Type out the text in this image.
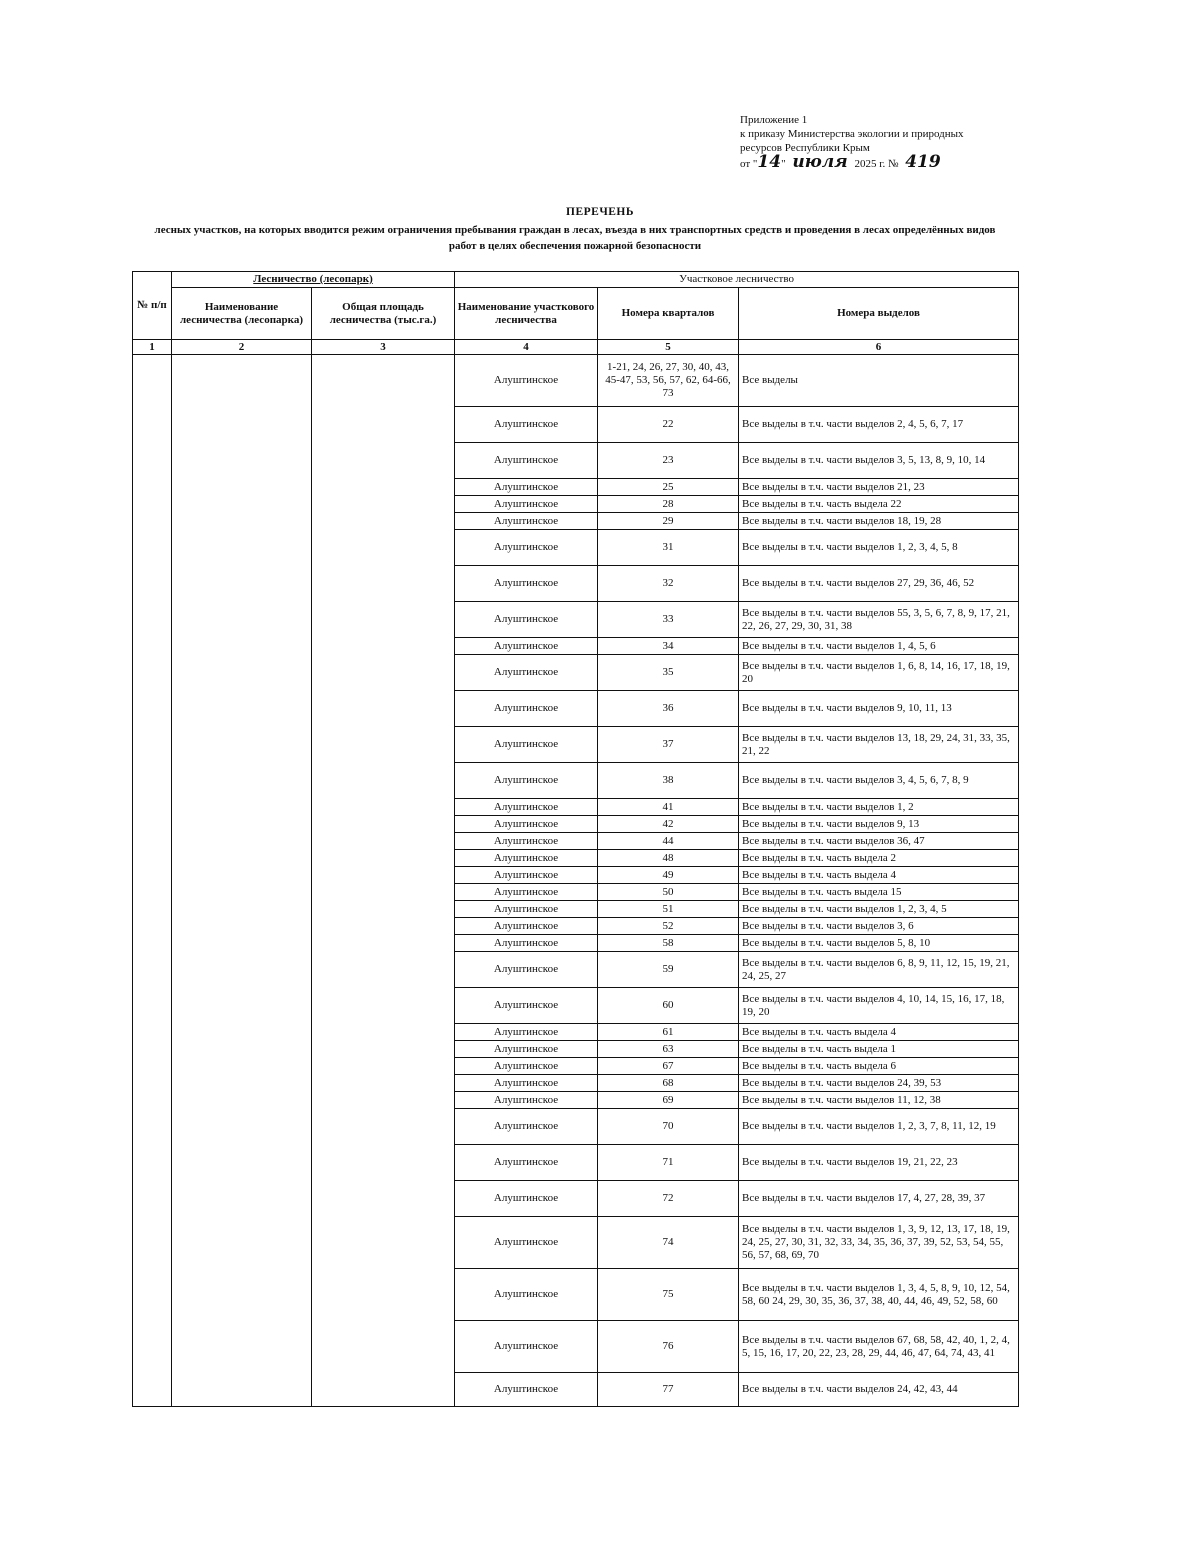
Приложение 1
к приказу Министерства экологии и природных
ресурсов Республики Крым
от "14" июля 2025 г. № 419
ПЕРЕЧЕНЬ
лесных участков, на которых вводится режим ограничения пребывания граждан в лесах, въезда в них транспортных средств и проведения в лесах определённых видов работ в целях обеспечения пожарной безопасности
№ п/п	Лесничество (лесопарк)		Участковое лесничество		
	Наименование лесничества (лесопарка)	Общая площадь лесничества (тыс.га.)	Наименование участкового лесничества	Номера кварталов	Номера выделов
1	2	3	4	5	6
			Алуштинское	1-21, 24, 26, 27, 30, 40, 43, 45-47, 53, 56, 57, 62, 64-66, 73	Все выделы
			Алуштинское	22	Все выделы в т.ч. части выделов 2, 4, 5, 6, 7, 17
			Алуштинское	23	Все выделы в т.ч. части выделов 3, 5, 13, 8, 9, 10, 14
			Алуштинское	25	Все выделы в т.ч. части выделов 21, 23
			Алуштинское	28	Все выделы в т.ч. часть выдела 22
			Алуштинское	29	Все выделы в т.ч. части выделов 18, 19, 28
			Алуштинское	31	Все выделы в т.ч. части выделов 1, 2, 3, 4, 5, 8
			Алуштинское	32	Все выделы в т.ч. части выделов 27, 29, 36, 46, 52
			Алуштинское	33	Все выделы в т.ч. части выделов 55, 3, 5, 6, 7, 8, 9, 17, 21, 22, 26, 27, 29, 30, 31, 38
			Алуштинское	34	Все выделы в т.ч. части выделов 1, 4, 5, 6
			Алуштинское	35	Все выделы в т.ч. части выделов 1, 6, 8, 14, 16, 17, 18, 19, 20
			Алуштинское	36	Все выделы в т.ч. части выделов 9, 10, 11, 13
			Алуштинское	37	Все выделы в т.ч. части выделов 13, 18, 29, 24, 31, 33, 35, 21, 22
			Алуштинское	38	Все выделы в т.ч. части выделов 3, 4, 5, 6, 7, 8, 9
			Алуштинское	41	Все выделы в т.ч. части выделов 1, 2
			Алуштинское	42	Все выделы в т.ч. части выделов 9, 13
			Алуштинское	44	Все выделы в т.ч. части выделов 36, 47
			Алуштинское	48	Все выделы в т.ч. часть выдела 2
			Алуштинское	49	Все выделы в т.ч. часть выдела 4
			Алуштинское	50	Все выделы в т.ч. часть выдела 15
			Алуштинское	51	Все выделы в т.ч. части выделов 1, 2, 3, 4, 5
			Алуштинское	52	Все выделы в т.ч. части выделов 3, 6
			Алуштинское	58	Все выделы в т.ч. части выделов 5, 8, 10
			Алуштинское	59	Все выделы в т.ч. части выделов 6, 8, 9, 11, 12, 15, 19, 21, 24, 25, 27
			Алуштинское	60	Все выделы в т.ч. части выделов 4, 10, 14, 15, 16, 17, 18, 19, 20
			Алуштинское	61	Все выделы в т.ч. часть выдела 4
			Алуштинское	63	Все выделы в т.ч. часть выдела 1
			Алуштинское	67	Все выделы в т.ч. часть выдела 6
			Алуштинское	68	Все выделы в т.ч. части выделов 24, 39, 53
			Алуштинское	69	Все выделы в т.ч. части выделов 11, 12, 38
			Алуштинское	70	Все выделы в т.ч. части выделов 1, 2, 3, 7, 8, 11, 12, 19
			Алуштинское	71	Все выделы в т.ч. части выделов 19, 21, 22, 23
			Алуштинское	72	Все выделы в т.ч. части выделов 17, 4, 27, 28, 39, 37
			Алуштинское	74	Все выделы в т.ч. части выделов 1, 3, 9, 12, 13, 17, 18, 19, 24, 25, 27, 30, 31, 32, 33, 34, 35, 36, 37, 39, 52, 53, 54, 55, 56, 57, 68, 69, 70
			Алуштинское	75	Все выделы в т.ч. части выделов 1, 3, 4, 5, 8, 9, 10, 12, 54, 58, 60 24, 29, 30, 35, 36, 37, 38, 40, 44, 46, 49, 52, 58, 60
			Алуштинское	76	Все выделы в т.ч. части выделов 67, 68, 58, 42, 40, 1, 2, 4, 5, 15, 16, 17, 20, 22, 23, 28, 29, 44, 46, 47, 64, 74, 43, 41
			Алуштинское	77	Все выделы в т.ч. части выделов 24, 42, 43, 44
